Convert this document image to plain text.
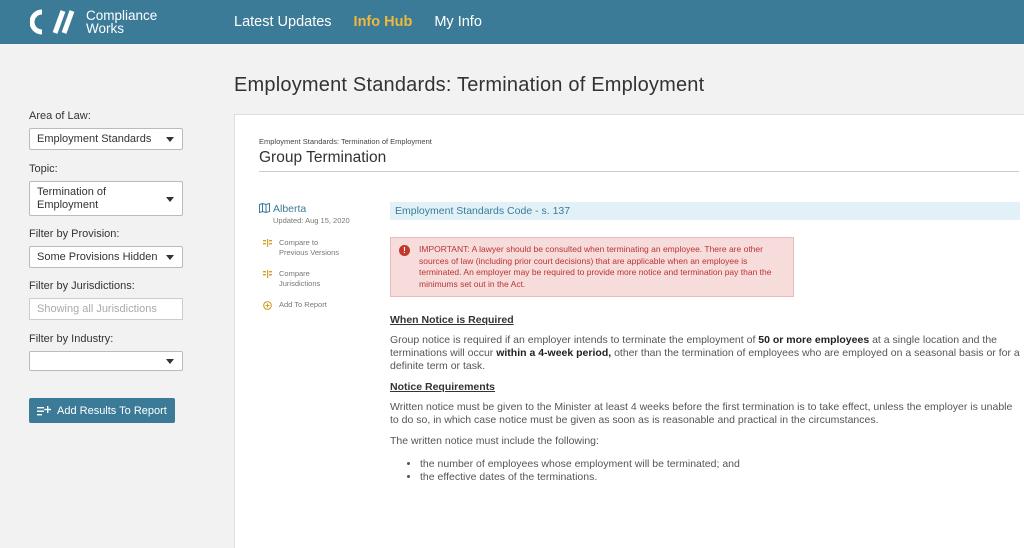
Compliance
Works	Latest Updates Info Hub My Info
Employment Standards: Termination of Employment
Area of Law:
Employment Standards
Topic:
Termination of Employment
Filter by Provision:
Some Provisions Hidden
Filter by Jurisdictions:
Showing all Jurisdictions
Filter by Industry:
Add Results To Report
Employment Standards: Termination of Employment
Group Termination
Alberta
Updated: Aug 15, 2020
Compare to
Previous Versions
Compare
Jurisdictions
Add To Report
Employment Standards Code - s. 137
!	IMPORTANT: A lawyer should be consulted when terminating an employee. There are other sources of law (including prior court decisions) that are applicable when an employee is terminated. An employer may be required to provide more notice and termination pay than the minimums set out in the Act.
When Notice is Required
Group notice is required if an employer intends to terminate the employment of 50 or more employees at a single location and the terminations will occur within a 4-week period, other than the termination of employees who are employed on a seasonal basis or for a definite term or task.
Notice Requirements
Written notice must be given to the Minister at least 4 weeks before the first termination is to take effect, unless the employer is unable to do so, in which case notice must be given as soon as is reasonable and practical in the circumstances.
The written notice must include the following:
• the number of employees whose employment will be terminated; and
• the effective dates of the terminations.
